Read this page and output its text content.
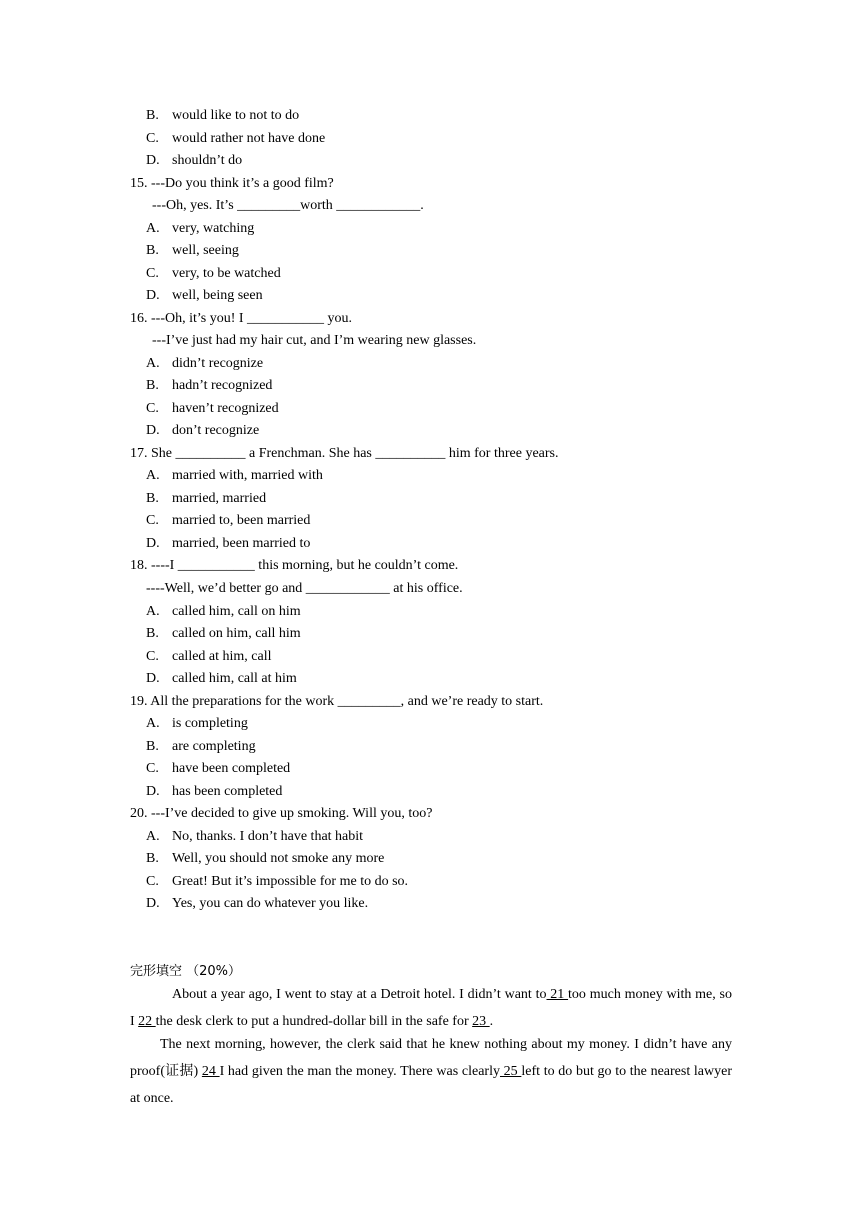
B. would like to not to do
C. would rather not have done
D. shouldn’t do
15. ---Do you think it’s a good film?
---Oh, yes. It’s _________worth ____________.
A. very, watching
B. well, seeing
C. very, to be watched
D. well, being seen
16. ---Oh, it’s you! I ___________ you.
---I’ve just had my hair cut, and I’m wearing new glasses.
A. didn’t recognize
B. hadn’t recognized
C. haven’t recognized
D. don’t recognize
17. She __________ a Frenchman. She has __________ him for three years.
A. married with, married with
B. married, married
C. married to, been married
D. married, been married to
18. ----I ___________ this morning, but he couldn’t come.
----Well, we’d better go and ____________ at his office.
A. called him, call on him
B. called on him, call him
C. called at him, call
D. called him, call at him
19. All the preparations for the work _________, and we’re ready to start.
A. is completing
B. are completing
C. have been completed
D. has been completed
20. ---I’ve decided to give up smoking. Will you, too?
A. No, thanks. I don’t have that habit
B. Well, you should not smoke any more
C. Great! But it’s impossible for me to do so.
D. Yes, you can do whatever you like.
完形填空 （20%）
About a year ago, I went to stay at a Detroit hotel. I didn’t want to 21 too much money with me, so I 22 the desk clerk to put a hundred-dollar bill in the safe for 23 .
The next morning, however, the clerk said that he knew nothing about my money. I didn’t have any proof(证据) 24 I had given the man the money. There was clearly 25 left to do but go to the nearest lawyer at once.
